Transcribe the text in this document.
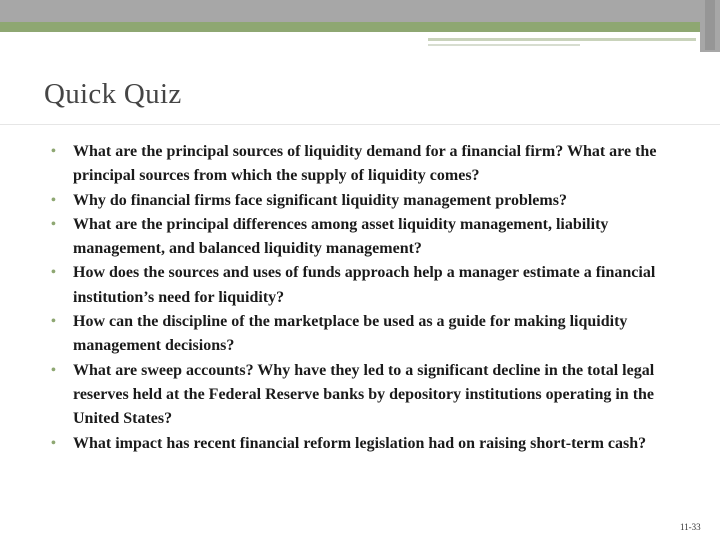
Quick Quiz
• What are the principal sources of liquidity demand for a financial firm? What are the principal sources from which the supply of liquidity comes?
• Why do financial firms face significant liquidity management problems?
• What are the principal differences among asset liquidity management, liability management, and balanced liquidity management?
• How does the sources and uses of funds approach help a manager estimate a financial institution’s need for liquidity?
• How can the discipline of the marketplace be used as a guide for making liquidity management decisions?
• What are sweep accounts? Why have they led to a significant decline in the total legal reserves held at the Federal Reserve banks by depository institutions operating in the United States?
• What impact has recent financial reform legislation had on raising short-term cash?
11-33
